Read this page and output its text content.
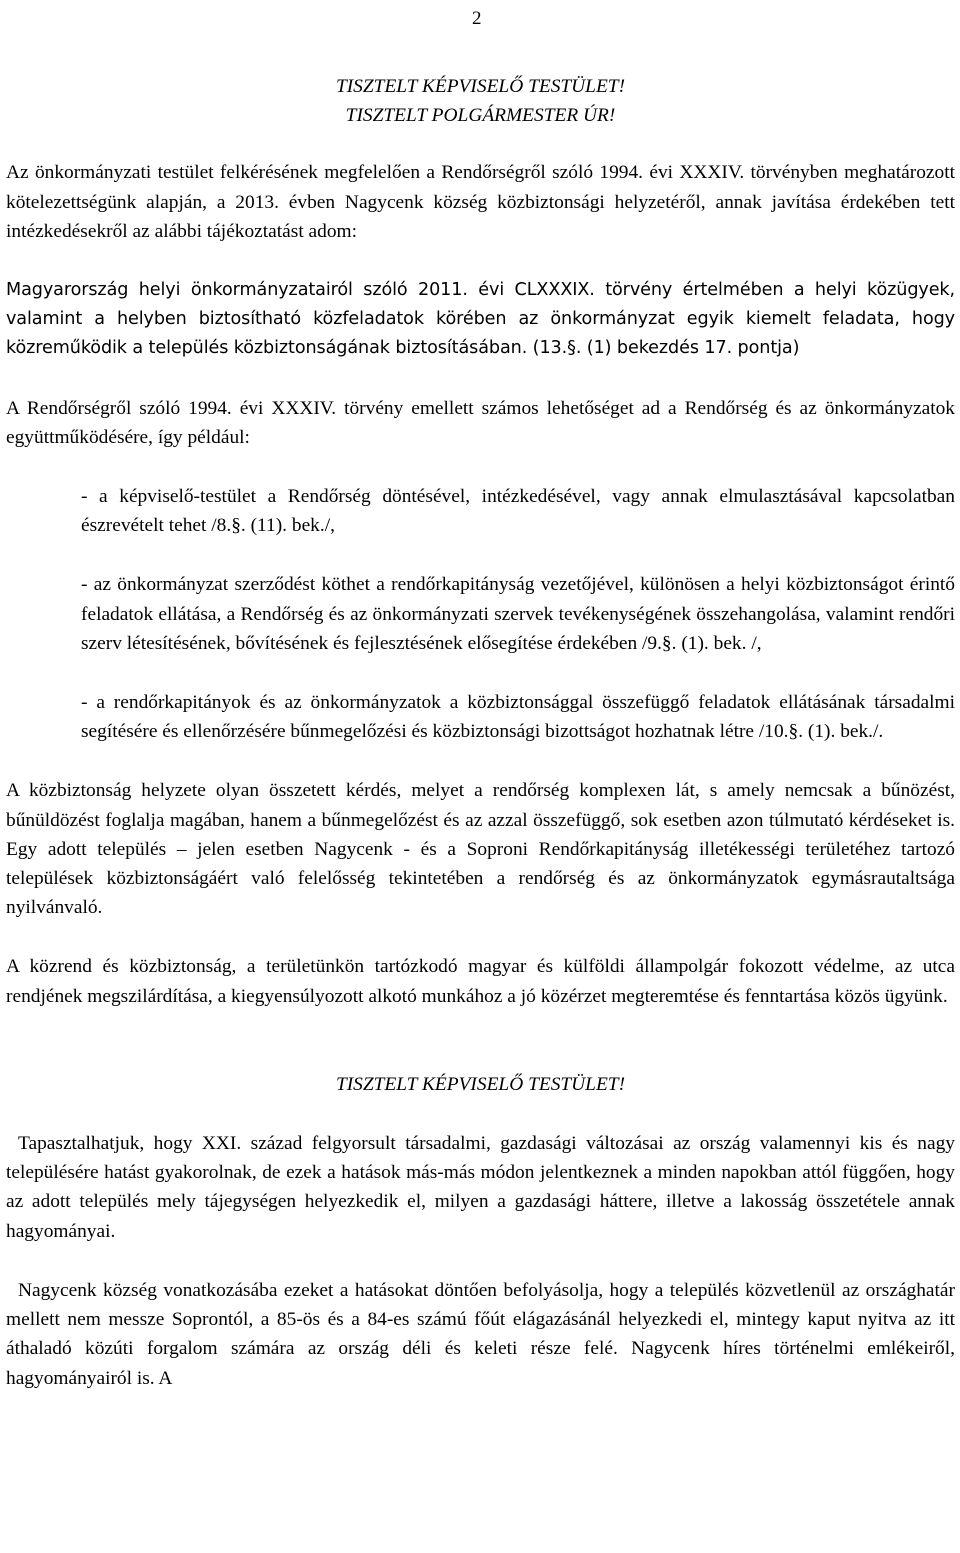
2
TISZTELT KÉPVISELŐ TESTÜLET!
TISZTELT POLGÁRMESTER ÚR!

Az önkormányzati testület felkérésének megfelelően a Rendőrségről szóló 1994. évi XXXIV. törvényben meghatározott kötelezettségünk alapján, a 2013. évben Nagycenk község közbiztonsági helyzetéről, annak javítása érdekében tett intézkedésekről az alábbi tájékoztatást adom:

Magyarország helyi önkormányzatairól szóló 2011. évi CLXXXIX. törvény értelmében a helyi közügyek, valamint a helyben biztosítható közfeladatok körében az önkormányzat egyik kiemelt feladata, hogy közreműködik a település közbiztonságának biztosításában. (13.§. (1) bekezdés 17. pontja)

A Rendőrségről szóló 1994. évi XXXIV. törvény emellett számos lehetőséget ad a Rendőrség és az önkormányzatok együttműködésére, így például:

- a képviselő-testület a Rendőrség döntésével, intézkedésével, vagy annak elmulasztásával kapcsolatban észrevételt tehet /8.§. (11). bek./,

- az önkormányzat szerződést köthet a rendőrkapitányság vezetőjével, különösen a helyi közbiztonságot érintő feladatok ellátása, a Rendőrség és az önkormányzati szervek tevékenységének összehangolása, valamint rendőri szerv létesítésének, bővítésének és fejlesztésének elősegítése érdekében /9.§. (1). bek. /,

- a rendőrkapitányok és az önkormányzatok a közbiztonsággal összefüggő feladatok ellátásának társadalmi segítésére és ellenőrzésére bűnmegelőzési és közbiztonsági bizottságot hozhatnak létre /10.§. (1). bek./.

A közbiztonság helyzete olyan összetett kérdés, melyet a rendőrség komplexen lát, s amely nemcsak a bűnözést, bűnüldözést foglalja magában, hanem a bűnmegelőzést és az azzal összefüggő, sok esetben azon túlmutató kérdéseket is. Egy adott település – jelen esetben Nagycenk - és a Soproni Rendőrkapitányság illetékességi területéhez tartozó települések közbiztonságáért való felelősség tekintetében a rendőrség és az önkormányzatok egymásrautaltsága nyilvánvaló.

A közrend és közbiztonság, a területünkön tartózkodó magyar és külföldi állampolgár fokozott védelme, az utca rendjének megszilárdítása, a kiegyensúlyozott alkotó munkához a jó közérzet megteremtése és fenntartása közös ügyünk.

TISZTELT KÉPVISELŐ TESTÜLET!

Tapasztalhatjuk, hogy XXI. század felgyorsult társadalmi, gazdasági változásai az ország valamennyi kis és nagy településére hatást gyakorolnak, de ezek a hatások más-más módon jelentkeznek a minden napokban attól függően, hogy az adott település mely tájegységen helyezkedik el, milyen a gazdasági háttere, illetve a lakosság összetétele annak hagyományai.

Nagycenk község vonatkozásába ezeket a hatásokat döntően befolyásolja, hogy a település közvetlenül az országhatár mellett nem messze Soprontól, a 85-ös és a 84-es számú főút elágazásánál helyezkedi el, mintegy kaput nyitva az itt áthaladó közúti forgalom számára az ország déli és keleti része felé. Nagycenk híres történelmi emlékeiről, hagyományairól is. A
